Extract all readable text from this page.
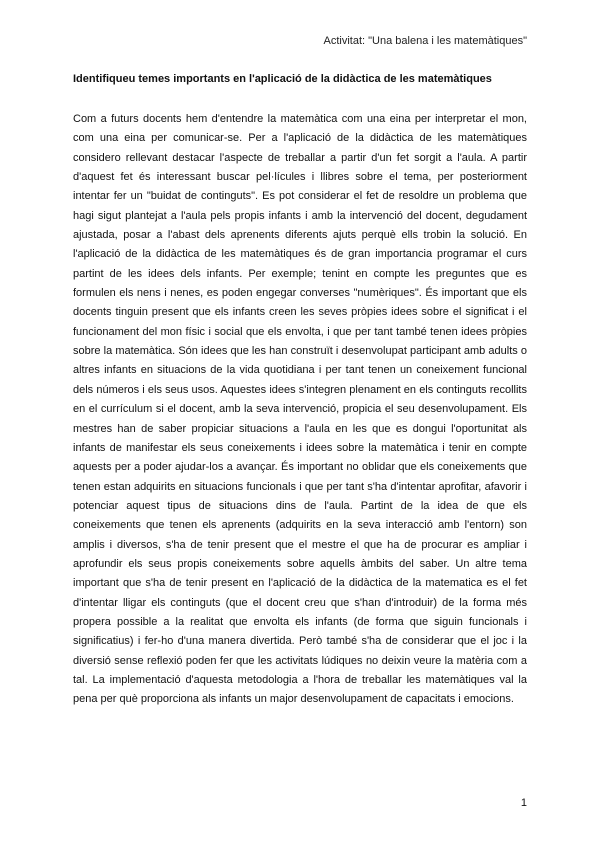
Activitat: "Una balena i les matemàtiques"
Identifiqueu temes importants en l'aplicació de la didàctica de les matemàtiques

Com a futurs docents hem d'entendre la matemàtica com una eina per interpretar el mon, com una eina per comunicar-se. Per a l'aplicació de la didàctica de les matemàtiques considero rellevant destacar l'aspecte de treballar a partir d'un fet sorgit a l'aula. A partir d'aquest fet és interessant buscar pel·lícules i llibres sobre el tema, per posteriorment intentar fer un "buidat de continguts". Es pot considerar el fet de resoldre un problema que hagi sigut plantejat a l'aula pels propis infants i amb la intervenció del docent, degudament ajustada, posar a l'abast dels aprenents diferents ajuts perquè ells trobin la solució. En l'aplicació de la didàctica de les matemàtiques és de gran importancia programar el curs partint de les idees dels infants. Per exemple; tenint en compte les preguntes que es formulen els nens i nenes, es poden engegar converses "numèriques". És important que els docents tinguin present que els infants creen les seves pròpies idees sobre el significat i el funcionament del mon físic i social que els envolta, i que per tant també tenen idees pròpies sobre la matemàtica. Són idees que les han construït i desenvolupat participant amb adults o altres infants en situacions de la vida quotidiana i per tant tenen un coneixement funcional dels números i els seus usos. Aquestes idees s'integren plenament en els continguts recollits en el currículum si el docent, amb la seva intervenció, propicia el seu desenvolupament. Els mestres han de saber propiciar situacions a l'aula en les que es dongui l'oportunitat als infants de manifestar els seus coneixements i idees sobre la matemàtica i tenir en compte aquests per a poder ajudar-los a avançar. És important no oblidar que els coneixements que tenen estan adquirits en situacions funcionals i que per tant s'ha d'intentar aprofitar, afavorir i potenciar aquest tipus de situacions dins de l'aula. Partint de la idea de que els coneixements que tenen els aprenents (adquirits en la seva interacció amb l'entorn) son amplis i diversos, s'ha de tenir present que el mestre el que ha de procurar es ampliar i aprofundir els seus propis coneixements sobre aquells àmbits del saber. Un altre tema important que s'ha de tenir present en l'aplicació de la didàctica de la matematica es el fet d'intentar lligar els continguts (que el docent creu que s'han d'introduir) de la forma més propera possible a la realitat que envolta els infants (de forma que siguin funcionals i significatius) i fer-ho d'una manera divertida. Però també s'ha de considerar que el joc i la diversió sense reflexió poden fer que les activitats lúdiques no deixin veure la matèria com a tal. La implementació d'aquesta metodologia a l'hora de treballar les matemàtiques val la pena per què proporciona als infants un major desenvolupament de capacitats i emocions.

1
